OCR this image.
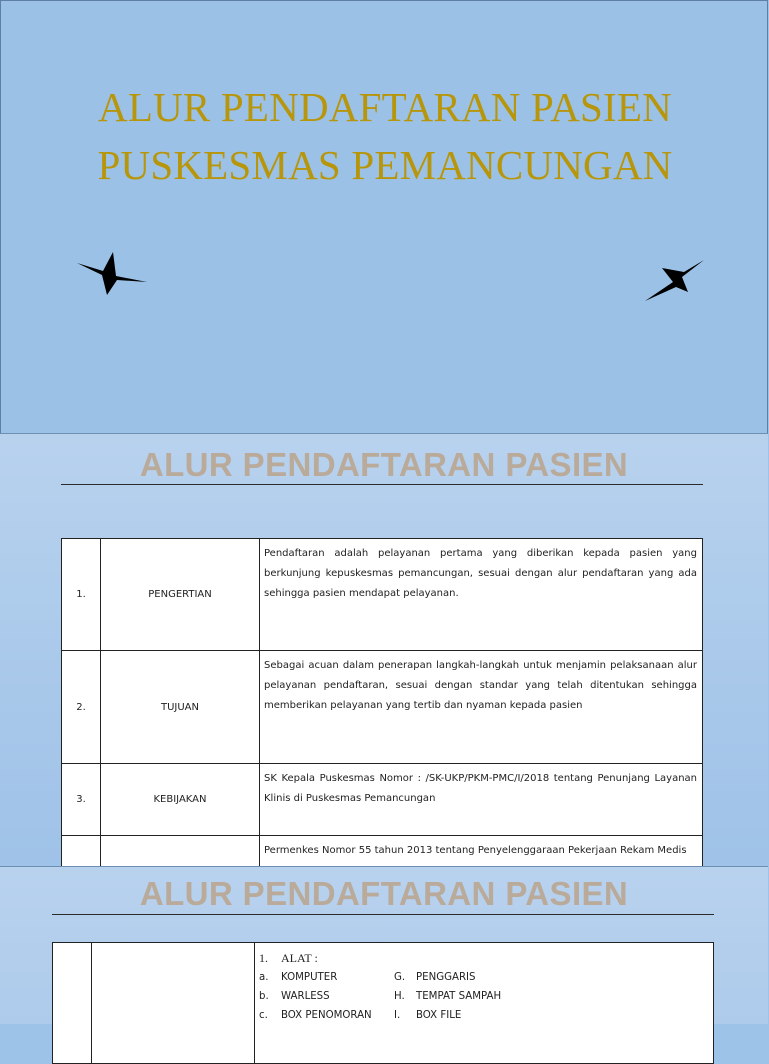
ALUR PENDAFTARAN PASIEN
PUSKESMAS PEMANCUNGAN
ALUR PENDAFTARAN PASIEN
1.	PENGERTIAN	Pendaftaran adalah pelayanan pertama yang diberikan kepada pasien yang berkunjung kepuskesmas pemancungan, sesuai dengan alur pendaftaran yang ada sehingga pasien mendapat pelayanan.
2.	TUJUAN	Sebagai acuan dalam penerapan langkah-langkah untuk menjamin pelaksanaan alur pelayanan pendaftaran, sesuai dengan standar yang telah ditentukan sehingga memberikan pelayanan yang tertib dan nyaman kepada pasien
3.	KEBIJAKAN	SK Kepala Puskesmas Nomor : /SK-UKP/PKM-PMC/I/2018 tentang Penunjang Layanan Klinis di Puskesmas Pemancungan
		Permenkes Nomor 55 tahun 2013 tentang Penyelenggaraan Pekerjaan Rekam Medis
ALUR PENDAFTARAN PASIEN

1.	ALAT :
a.	KOMPUTER	G.	PENGGARIS
b.	WARLESS	H.	TEMPAT SAMPAH
c.	BOX PENOMORAN I.	BOX FILE
